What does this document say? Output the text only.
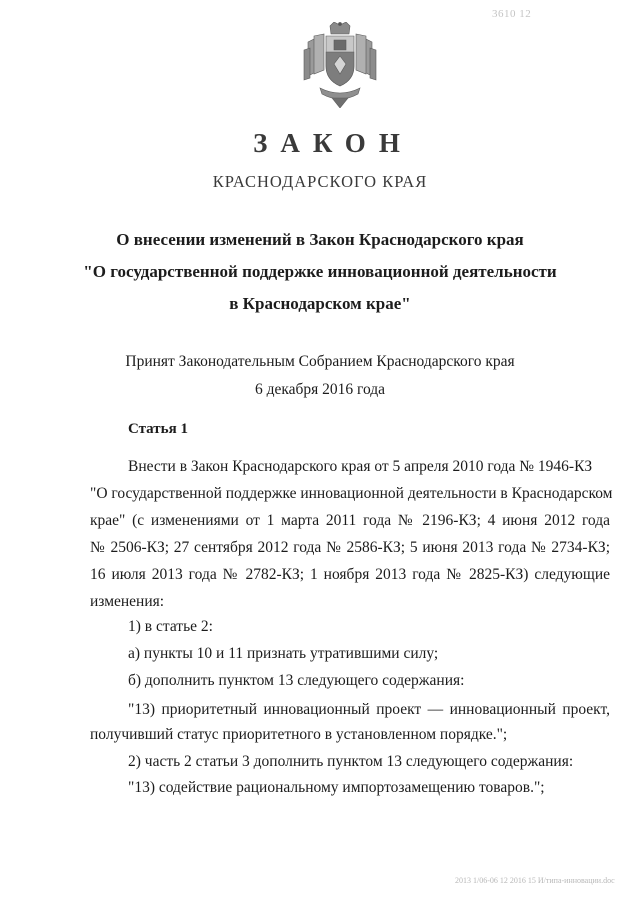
3610 12
ЗАКОН
КРАСНОДАРСКОГО КРАЯ
О внесении изменений в Закон Краснодарского края
"О государственной поддержке инновационной деятельности
в Краснодарском крае"
Принят Законодательным Собранием Краснодарского края
6 декабря 2016 года
Статья 1
Внести в Закон Краснодарского края от 5 апреля 2010 года № 1946-КЗ
"О государственной поддержке инновационной деятельности в Краснодарском
крае" (с изменениями от 1 марта 2011 года № 2196-КЗ; 4 июня 2012 года
№ 2506-КЗ; 27 сентября 2012 года № 2586-КЗ; 5 июня 2013 года № 2734-КЗ;
16 июля 2013 года № 2782-КЗ; 1 ноября 2013 года № 2825-КЗ) следующие
изменения:
1) в статье 2:
а) пункты 10 и 11 признать утратившими силу;
б) дополнить пунктом 13 следующего содержания:
"13) приоритетный инновационный проект — инновационный проект,
получивший статус приоритетного в установленном порядке.";
2) часть 2 статьи 3 дополнить пунктом 13 следующего содержания:
"13) содействие рациональному импортозамещению товаров.";
2013 1/06-06 12 2016 15 И/типа-инновации.doc
